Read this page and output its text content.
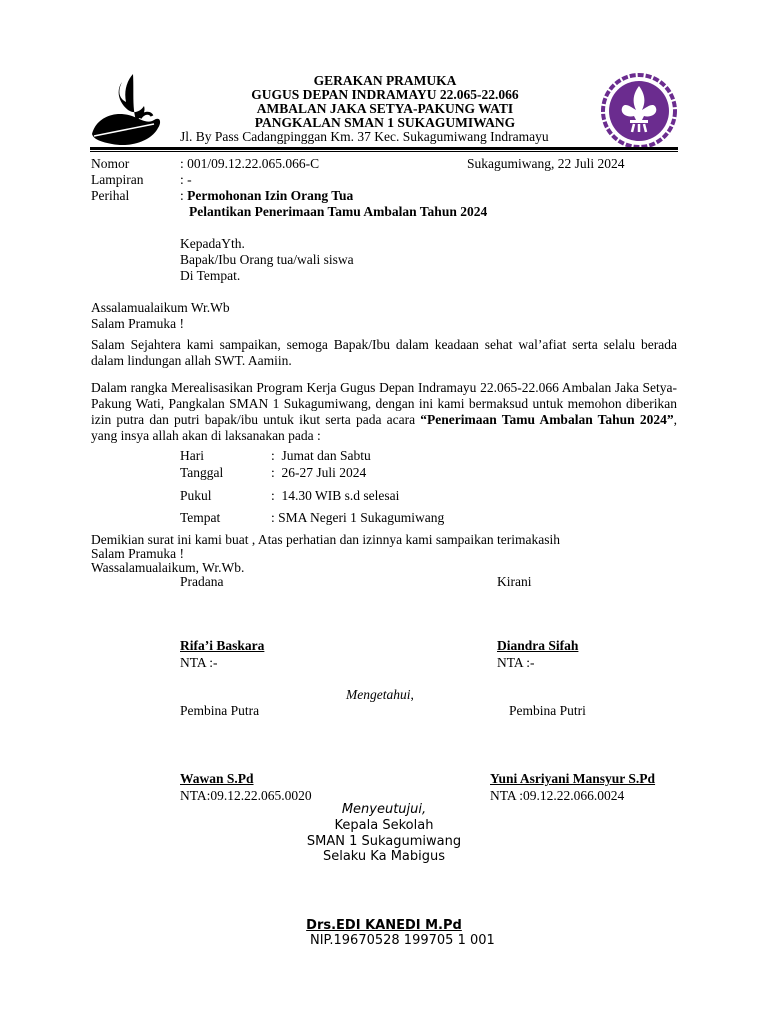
GERAKAN PRAMUKA
GUGUS DEPAN INDRAMAYU 22.065-22.066
AMBALAN JAKA SETYA-PAKUNG WATI
PANGKALAN SMAN 1 SUKAGUMIWANG
Jl. By Pass Cadangpinggan Km. 37 Kec. Sukagumiwang Indramayu
Nomor	: 001/09.12.22.065.066-C	Sukagumiwang, 22 Juli 2024
Lampiran	: -
Perihal	: Permohonan Izin Orang Tua
Pelantikan Penerimaan Tamu Ambalan Tahun 2024
KepadaYth.
Bapak/Ibu Orang tua/wali siswa
Di Tempat.
Assalamualaikum Wr.Wb
Salam Pramuka !
Salam Sejahtera kami sampaikan, semoga Bapak/Ibu dalam keadaan sehat wal’afiat serta selalu berada dalam lindungan allah SWT. Aamiin.
Dalam rangka Merealisasikan Program Kerja Gugus Depan Indramayu 22.065-22.066 Ambalan Jaka Setya-Pakung Wati, Pangkalan SMAN 1 Sukagumiwang, dengan ini kami bermaksud untuk memohon diberikan izin putra dan putri bapak/ibu untuk ikut serta pada acara “Penerimaan Tamu Ambalan Tahun 2024”, yang insya allah akan di laksanakan pada :
Hari	:  Jumat dan Sabtu
Tanggal	:  26-27 Juli 2024
Pukul	:  14.30 WIB s.d selesai
Tempat	: SMA Negeri 1 Sukagumiwang
Demikian surat ini kami buat , Atas perhatian dan izinnya kami sampaikan terimakasih
Salam Pramuka !
Wassalamualaikum, Wr.Wb.
Pradana	Kirani
Rifa’i Baskara	Diandra Sifah
NTA :-	NTA :-
Mengetahui,
Pembina Putra	Pembina Putri
Wawan S.Pd	Yuni Asriyani Mansyur S.Pd
NTA:09.12.22.065.0020	NTA :09.12.22.066.0024
Menyeutujui,
Kepala Sekolah
SMAN 1 Sukagumiwang
Selaku Ka Mabigus
Drs.EDI KANEDI M.Pd
NIP.19670528 199705 1 001
